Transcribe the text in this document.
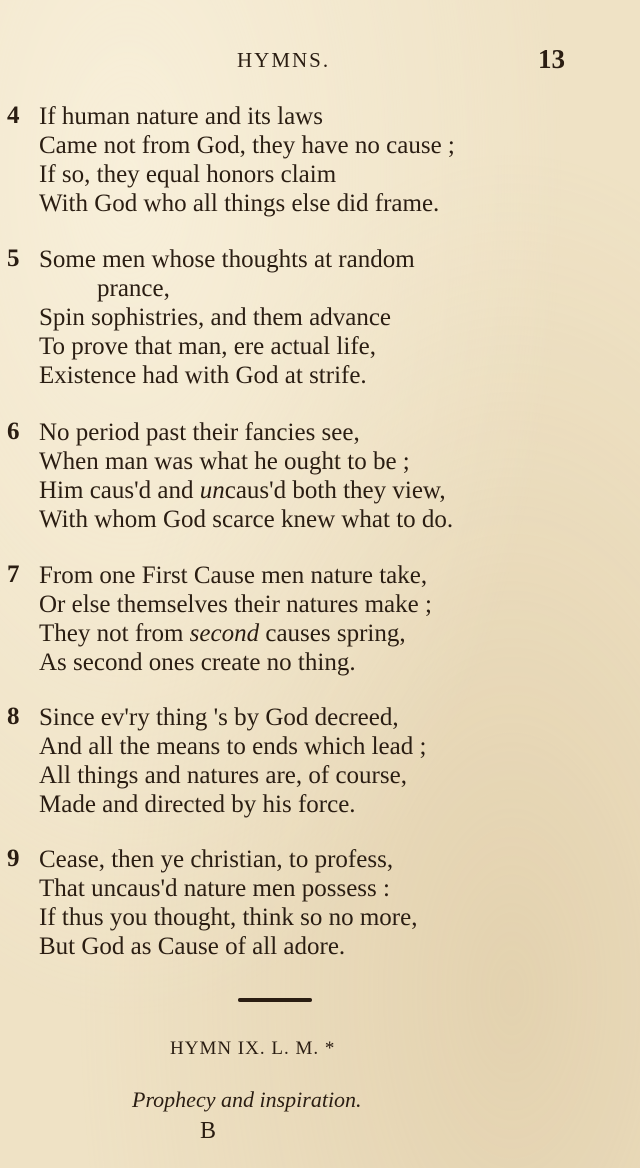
HYMNS.	13
4 If human nature and its laws
Came not from God, they have no cause ;
If so, they equal honors claim
With God who all things else did frame.
5 Some men whose thoughts at random
prance,
Spin sophistries, and them advance
To prove that man, ere actual life,
Existence had with God at strife.
6 No period past their fancies see,
When man was what he ought to be ;
Him caus'd and uncaus'd both they view,
With whom God scarce knew what to do.
7 From one First Cause men nature take,
Or else themselves their natures make ;
They not from second causes spring,
As second ones create no thing.
8 Since ev'ry thing 's by God decreed,
And all the means to ends which lead ;
All things and natures are, of course,
Made and directed by his force.
9 Cease, then ye christian, to profess,
That uncaus'd nature men possess :
If thus you thought, think so no more,
But God as Cause of all adore.
HYMN IX. L. M. *
Prophecy and inspiration.
B
